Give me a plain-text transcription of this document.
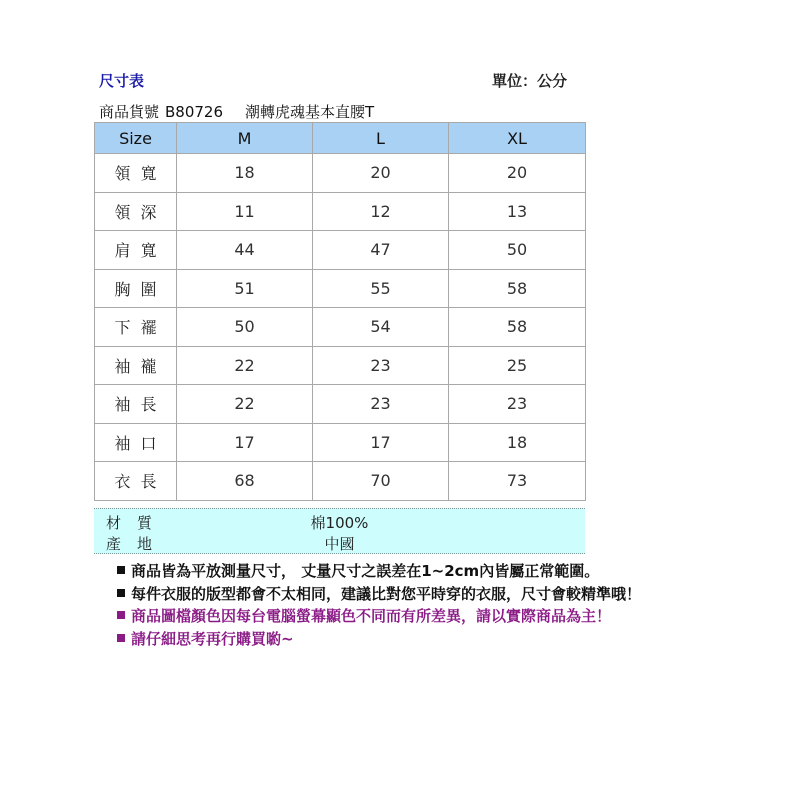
尺寸表	單位：公分
商品貨號 B80726 潮轉虎魂基本直腰T
Size	M	L	XL
領寬	18	20	20
領深	11	12	13
肩寬	44	47	50
胸圍	51	55	58
下襬	50	54	58
袖襱	22	23	25
袖長	22	23	23
袖口	17	17	18
衣長	68	70	73
材質	棉100%
產地	中國
商品皆為平放測量尺寸， 丈量尺寸之誤差在1~2cm內皆屬正常範圍。
每件衣服的版型都會不太相同，建議比對您平時穿的衣服，尺寸會較精準哦！
商品圖檔顏色因每台電腦螢幕顯色不同而有所差異，請以實際商品為主！
請仔細思考再行購買喲~
